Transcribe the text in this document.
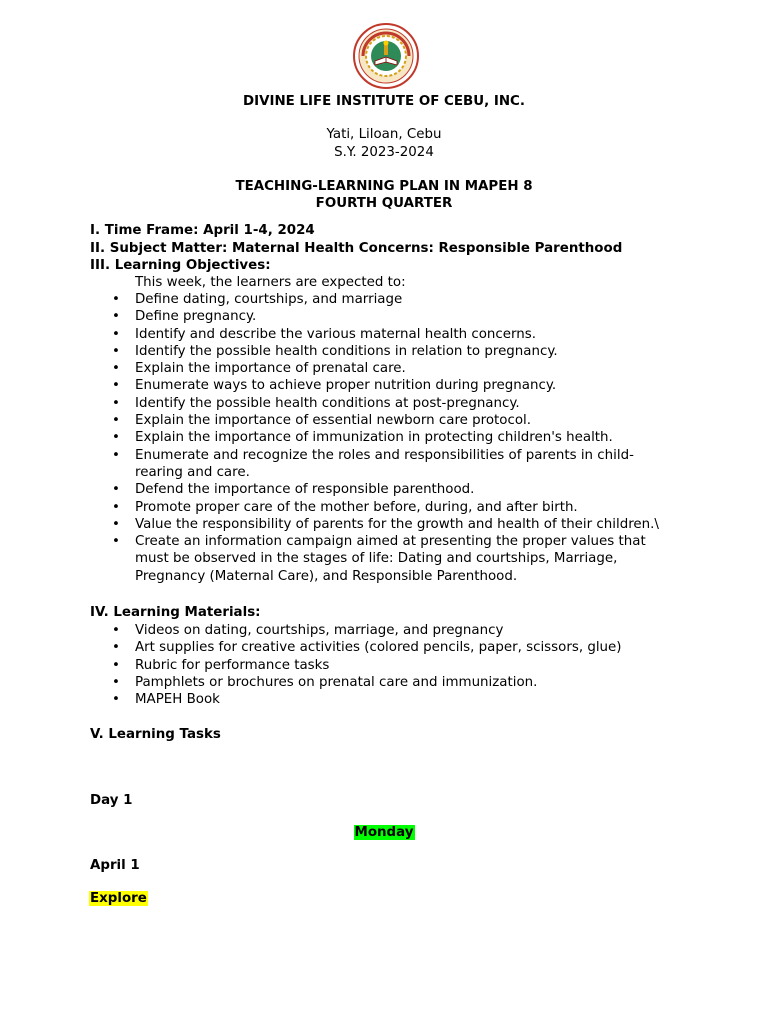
DIVINE LIFE INSTITUTE OF CEBU, INC.
Yati, Liloan, Cebu
S.Y. 2023-2024
TEACHING-LEARNING PLAN IN MAPEH 8
FOURTH QUARTER
I. Time Frame: April 1-4, 2024
II. Subject Matter: Maternal Health Concerns: Responsible Parenthood
III. Learning Objectives:
This week, the learners are expected to:
• Define dating, courtships, and marriage
• Define pregnancy.
• Identify and describe the various maternal health concerns.
• Identify the possible health conditions in relation to pregnancy.
• Explain the importance of prenatal care.
• Enumerate ways to achieve proper nutrition during pregnancy.
• Identify the possible health conditions at post-pregnancy.
• Explain the importance of essential newborn care protocol.
• Explain the importance of immunization in protecting children's health.
• Enumerate and recognize the roles and responsibilities of parents in child-rearing and care.
• Defend the importance of responsible parenthood.
• Promote proper care of the mother before, during, and after birth.
• Value the responsibility of parents for the growth and health of their children.\
• Create an information campaign aimed at presenting the proper values that must be observed in the stages of life: Dating and courtships, Marriage, Pregnancy (Maternal Care), and Responsible Parenthood.
IV. Learning Materials:
• Videos on dating, courtships, marriage, and pregnancy
• Art supplies for creative activities (colored pencils, paper, scissors, glue)
• Rubric for performance tasks
• Pamphlets or brochures on prenatal care and immunization.
• MAPEH Book
V. Learning Tasks
Day 1
Monday
April 1
Explore
